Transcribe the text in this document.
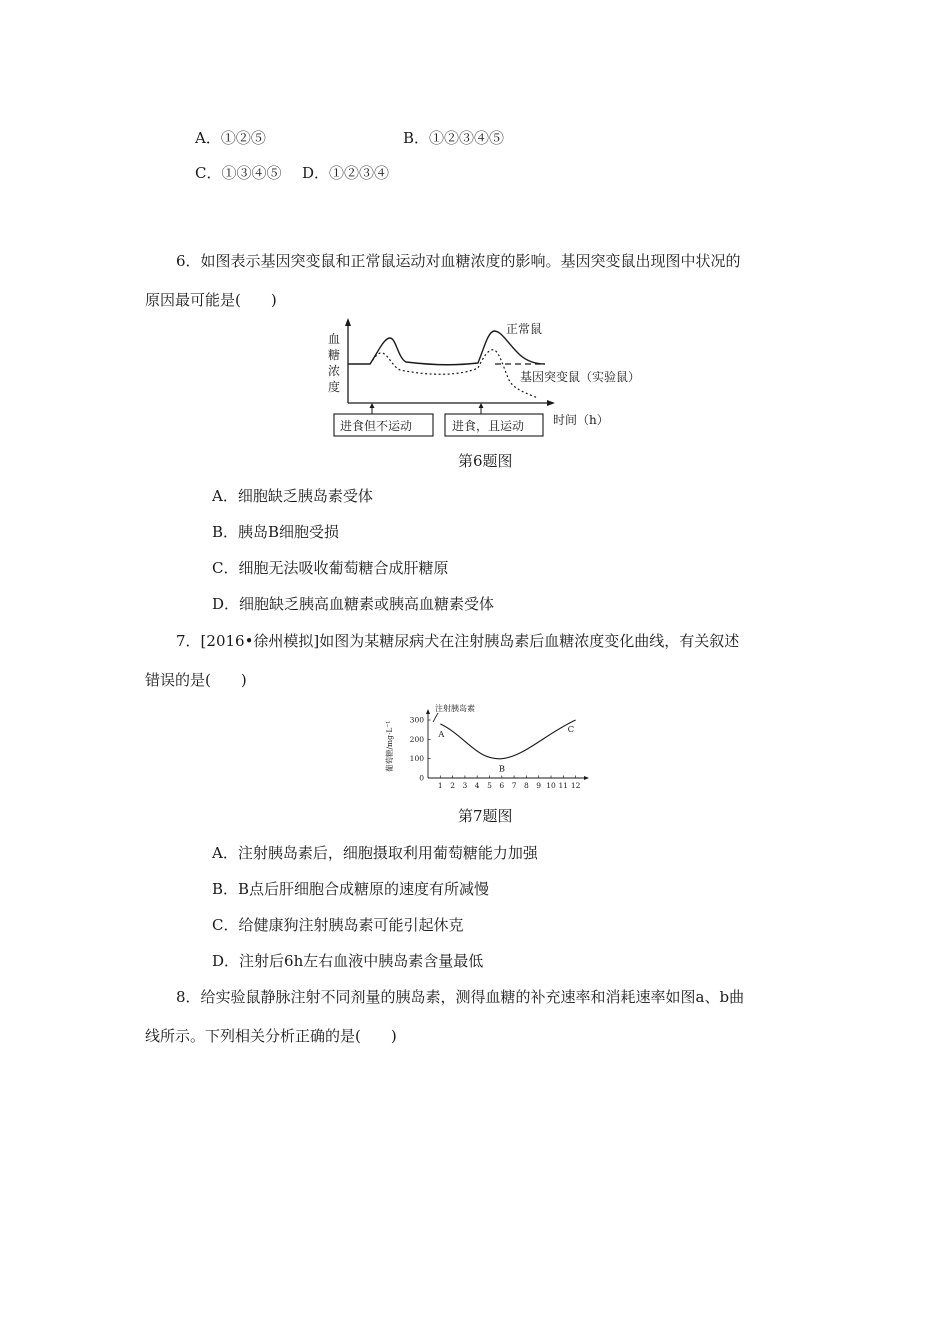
A．①②⑤	B．①②③④⑤
C．①③④⑤ D．①②③④
6．如图表示基因突变鼠和正常鼠运动对血糖浓度的影响。基因突变鼠出现图中状况的
原因最可能是(　　)
血
糖
浓
度
正常鼠
基因突变鼠（实验鼠）
进食但不运动	进食，且运动 时间（h）
第6题图
A．细胞缺乏胰岛素受体
B．胰岛B细胞受损
C．细胞无法吸收葡萄糖合成肝糖原
D．细胞缺乏胰高血糖素或胰高血糖素受体
7．[2016•徐州模拟]如图为某糖尿病犬在注射胰岛素后血糖浓度变化曲线，有关叙述
错误的是(　　)
注射胰岛素
葡萄糖/mg·L⁻¹
1 2 3 4 5 6 7 8 9 10 11 12
0
100
200
300
A
B
C
第7题图
A．注射胰岛素后，细胞摄取利用葡萄糖能力加强
B．B点后肝细胞合成糖原的速度有所减慢
C．给健康狗注射胰岛素可能引起休克
D．注射后6h左右血液中胰岛素含量最低
8．给实验鼠静脉注射不同剂量的胰岛素，测得血糖的补充速率和消耗速率如图a、b曲
线所示。下列相关分析正确的是(　　)
